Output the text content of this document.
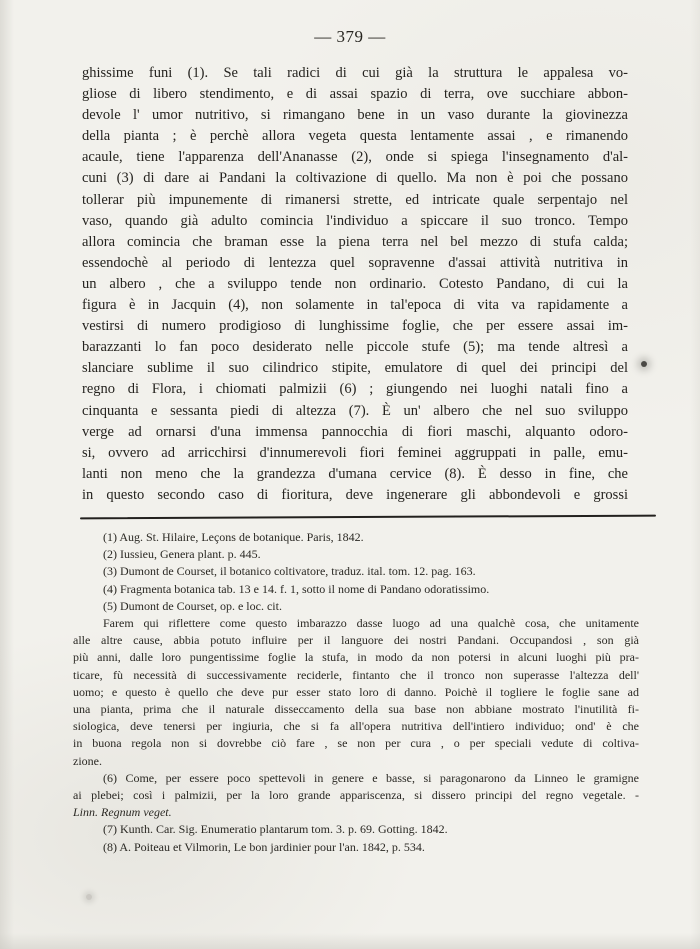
— 379 —
ghissime funi (1). Se tali radici di cui già la struttura le appalesa vo-
gliose di libero stendimento, e di assai spazio di terra, ove succhiare abbon-
devole l' umor nutritivo, si rimangano bene in un vaso durante la giovinezza
della pianta ; è perchè allora vegeta questa lentamente assai , e rimanendo
acaule, tiene l'apparenza dell'Ananasse (2), onde si spiega l'insegnamento d'al-
cuni (3) di dare ai Pandani la coltivazione di quello. Ma non è poi che possano
tollerar più impunemente di rimanersi strette, ed intricate quale serpentajo nel
vaso, quando già adulto comincia l'individuo a spiccare il suo tronco. Tempo
allora comincia che braman esse la piena terra nel bel mezzo di stufa calda;
essendochè al periodo di lentezza quel sopravenne d'assai attività nutritiva in
un albero , che a sviluppo tende non ordinario. Cotesto Pandano, di cui la
figura è in Jacquin (4), non solamente in tal'epoca di vita va rapidamente a
vestirsi di numero prodigioso di lunghissime foglie, che per essere assai im-
barazzanti lo fan poco desiderato nelle piccole stufe (5); ma tende altresì a
slanciare sublime il suo cilindrico stipite, emulatore di quel dei principi del
regno di Flora, i chiomati palmizii (6) ; giungendo nei luoghi natali fino a
cinquanta e sessanta piedi di altezza (7). È un' albero che nel suo sviluppo
verge ad ornarsi d'una immensa pannocchia di fiori maschi, alquanto odoro-
si, ovvero ad arricchirsi d'innumerevoli fiori feminei aggruppati in palle, emu-
lanti non meno che la grandezza d'umana cervice (8). È desso in fine, che
in questo secondo caso di fioritura, deve ingenerare gli abbondevoli e grossi
(1) Aug. St. Hilaire, Leçons de botanique. Paris, 1842.
(2) Iussieu, Genera plant. p. 445.
(3) Dumont de Courset, il botanico coltivatore, traduz. ital. tom. 12. pag. 163.
(4) Fragmenta botanica tab. 13 e 14. f. 1, sotto il nome di Pandano odoratissimo.
(5) Dumont de Courset, op. e loc. cit.
Farem qui riflettere come questo imbarazzo dasse luogo ad una qualchè cosa, che unitamente
alle altre cause, abbia potuto influire per il languore dei nostri Pandani. Occupandosi , son già
più anni, dalle loro pungentissime foglie la stufa, in modo da non potersi in alcuni luoghi più pra-
ticare, fù necessità di successivamente reciderle, fintanto che il tronco non superasse l'altezza dell'
uomo; e questo è quello che deve pur esser stato loro di danno. Poichè il togliere le foglie sane ad
una pianta, prima che il naturale disseccamento della sua base non abbiane mostrato l'inutilità fi-
siologica, deve tenersi per ingiuria, che si fa all'opera nutritiva dell'intiero individuo; ond' è che
in buona regola non si dovrebbe ciò fare , se non per cura , o per speciali vedute di coltiva-
zione.
(6) Come, per essere poco spettevoli in genere e basse, si paragonarono da Linneo le gramigne
ai plebei; così i palmizii, per la loro grande appariscenza, si dissero principi del regno vegetale. -
Linn. Regnum veget.
(7) Kunth. Car. Sig. Enumeratio plantarum tom. 3. p. 69. Gotting. 1842.
(8) A. Poiteau et Vilmorin, Le bon jardinier pour l'an. 1842, p. 534.
